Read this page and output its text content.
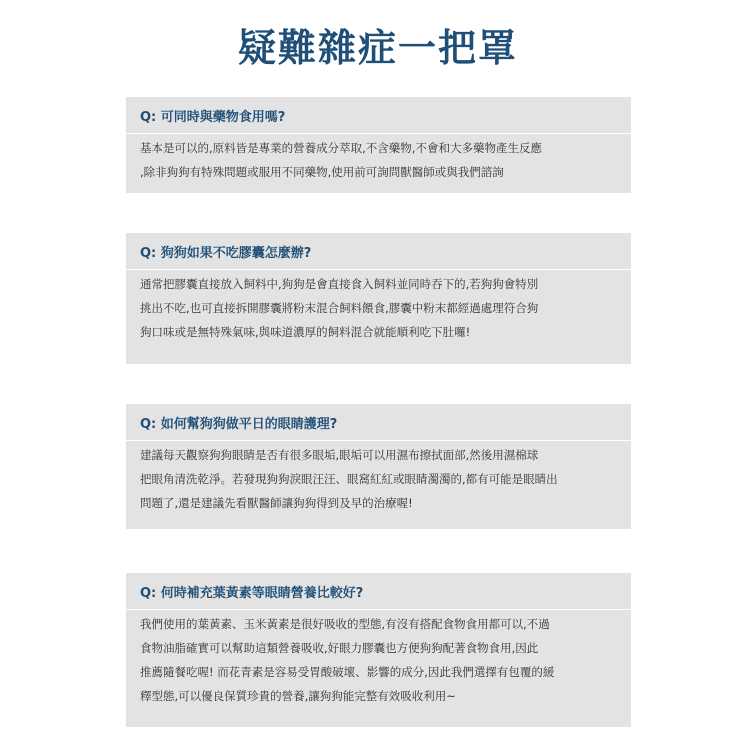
疑難雜症一把罩
Q: 可同時與藥物食用嗎?
基本是可以的,原料皆是專業的營養成分萃取,不含藥物,不會和大多藥物產生反應
,除非狗狗有特殊問題或服用不同藥物,使用前可詢問獸醫師或與我們諮詢
Q: 狗狗如果不吃膠囊怎麼辦?
通常把膠囊直接放入飼料中,狗狗是會直接食入飼料並同時吞下的,若狗狗會特別
挑出不吃,也可直接拆開膠囊將粉末混合飼料餵食,膠囊中粉末都經過處理符合狗
狗口味或是無特殊氣味,與味道濃厚的飼料混合就能順利吃下肚囉!
Q: 如何幫狗狗做平日的眼睛護理?
建議每天觀察狗狗眼睛是否有很多眼垢,眼垢可以用濕布擦拭面部,然後用濕棉球
把眼角清洗乾淨。若發現狗狗淚眼汪汪、眼窩紅紅或眼睛濁濁的,都有可能是眼睛出
問題了,還是建議先看獸醫師讓狗狗得到及早的治療喔!
Q: 何時補充葉黃素等眼睛營養比較好?
我們使用的葉黃素、玉米黃素是很好吸收的型態,有沒有搭配食物食用都可以,不過
食物油脂確實可以幫助這類營養吸收,好眼力膠囊也方便狗狗配著食物食用,因此
推薦隨餐吃喔! 而花青素是容易受胃酸破壞、影響的成分,因此我們選擇有包覆的緩
釋型態,可以優良保質珍貴的營養,讓狗狗能完整有效吸收利用~
